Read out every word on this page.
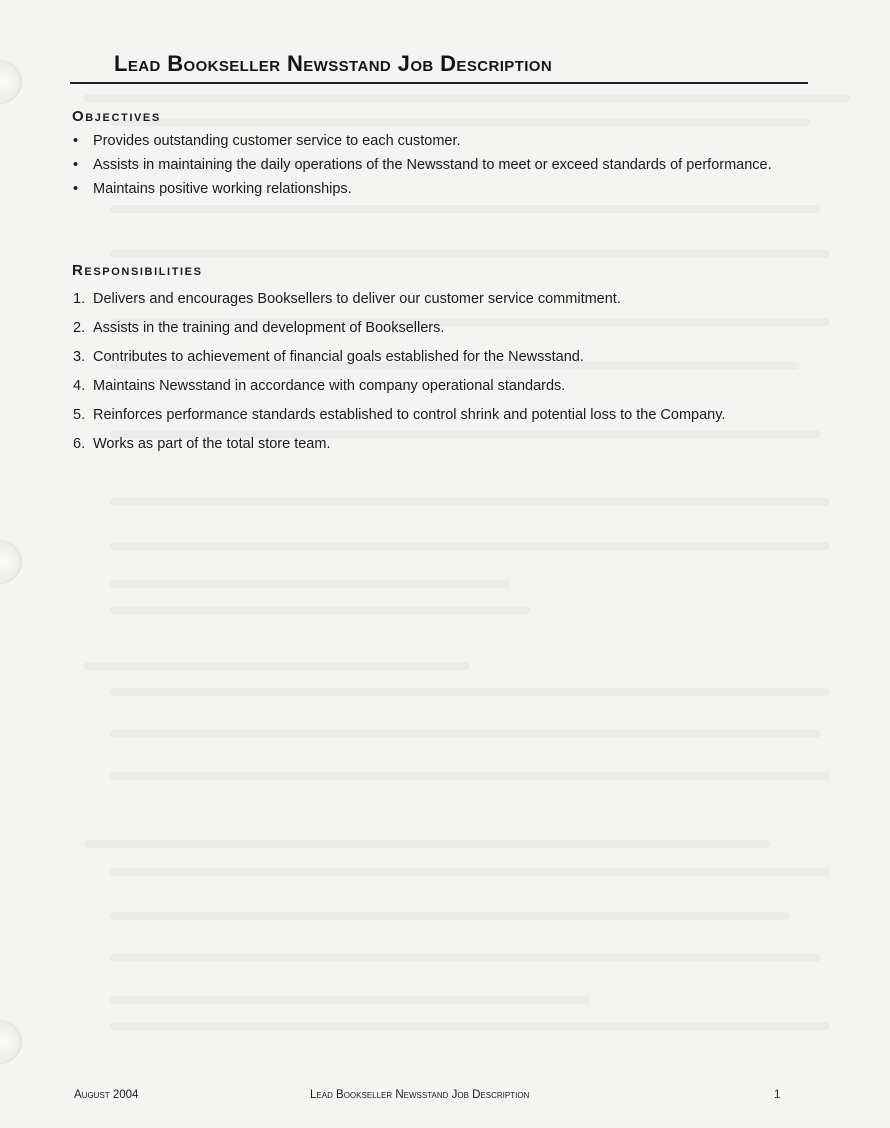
Lead Bookseller Newsstand Job Description
Objectives
• Provides outstanding customer service to each customer.
• Assists in maintaining the daily operations of the Newsstand to meet or exceed standards of performance.
• Maintains positive working relationships.
Responsibilities
1. Delivers and encourages Booksellers to deliver our customer service commitment.
2. Assists in the training and development of Booksellers.
3. Contributes to achievement of financial goals established for the Newsstand.
4. Maintains Newsstand in accordance with company operational standards.
5. Reinforces performance standards established to control shrink and potential loss to the Company.
6. Works as part of the total store team.
August 2004	Lead Bookseller Newsstand Job Description	1
